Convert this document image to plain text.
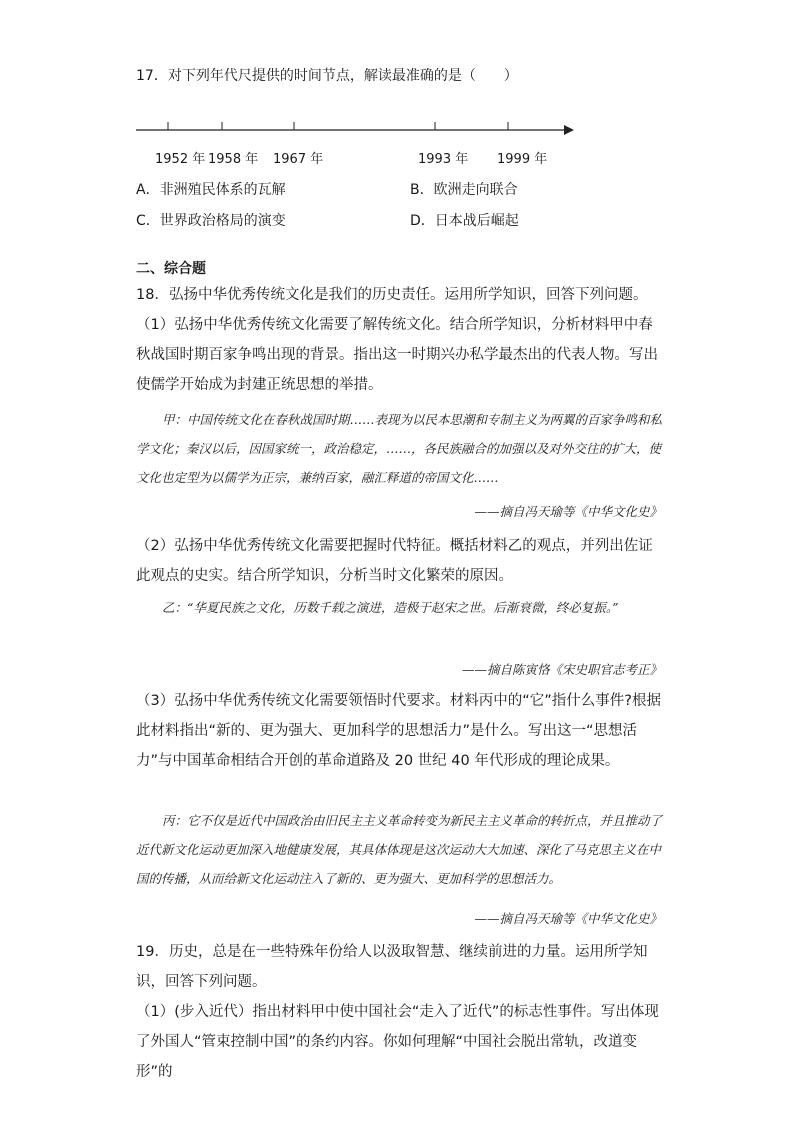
17．对下列年代尺提供的时间节点，解读最准确的是（　　）
1952 年 1958 年 1967 年	1993 年 1999 年
A．非洲殖民体系的瓦解	B．欧洲走向联合
C．世界政治格局的演变	D．日本战后崛起
二、综合题
18．弘扬中华优秀传统文化是我们的历史责任。运用所学知识，回答下列问题。
（1）弘扬中华优秀传统文化需要了解传统文化。结合所学知识，分析材料甲中春秋战国时期百家争鸣出现的背景。指出这一时期兴办私学最杰出的代表人物。写出使儒学开始成为封建正统思想的举措。
甲：中国传统文化在春秋战国时期……表现为以民本思潮和专制主义为两翼的百家争鸣和私学文化；秦汉以后，因国家统一，政治稳定，……，各民族融合的加强以及对外交往的扩大，使文化也定型为以儒学为正宗，兼纳百家，融汇释道的帝国文化……
——摘自冯天瑜等《中华文化史》
（2）弘扬中华优秀传统文化需要把握时代特征。概括材料乙的观点，并列出佐证此观点的史实。结合所学知识，分析当时文化繁荣的原因。
乙：“华夏民族之文化，历数千载之演进，造极于赵宋之世。后渐衰微，终必复振。”
——摘自陈寅恪《宋史职官志考正》
（3）弘扬中华优秀传统文化需要领悟时代要求。材料丙中的“它”指什么事件?根据此材料指出“新的、更为强大、更加科学的思想活力”是什么。写出这一“思想活力”与中国革命相结合开创的革命道路及 20 世纪 40 年代形成的理论成果。
丙：它不仅是近代中国政治由旧民主主义革命转变为新民主主义革命的转折点，并且推动了近代新文化运动更加深入地健康发展，其具体体现是这次运动大大加速、深化了马克思主义在中国的传播，从而给新文化运动注入了新的、更为强大、更加科学的思想活力。
——摘自冯天瑜等《中华文化史》
19．历史，总是在一些特殊年份给人以汲取智慧、继续前进的力量。运用所学知识，回答下列问题。
（1）(步入近代）指出材料甲中使中国社会“走入了近代”的标志性事件。写出体现了外国人“管束控制中国”的条约内容。你如何理解“中国社会脱出常轨，改道变形”的
